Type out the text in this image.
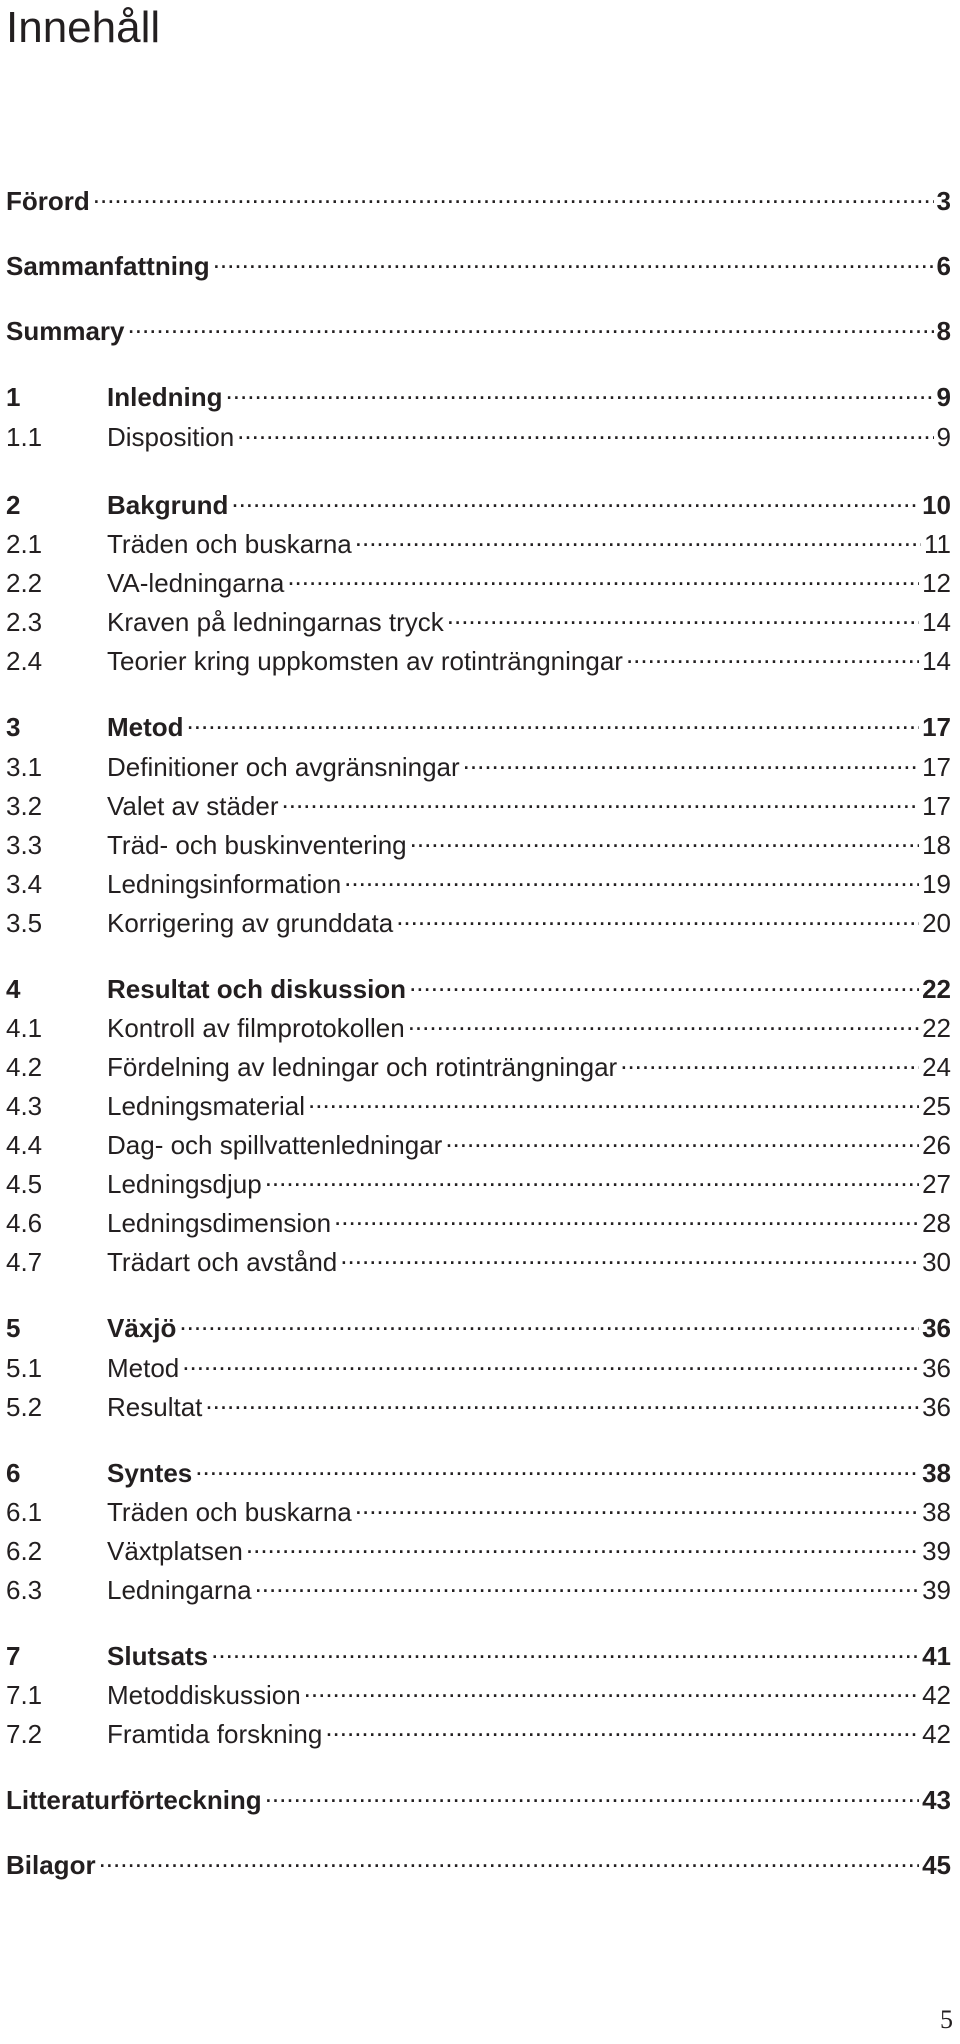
Innehåll
Förord .....	3
Sammanfattning .....	6
Summary .....	8
1	Inledning .....	9
1.1	Disposition .....	9
2	Bakgrund .....	10
2.1	Träden och buskarna .....	11
2.2	VA-ledningarna .....	12
2.3	Kraven på ledningarnas tryck .....	14
2.4	Teorier kring uppkomsten av rotinträngningar .....	14
3	Metod .....	17
3.1	Definitioner och avgränsningar .....	17
3.2	Valet av städer .....	17
3.3	Träd- och buskinventering .....	18
3.4	Ledningsinformation .....	19
3.5	Korrigering av grunddata .....	20
4	Resultat och diskussion .....	22
4.1	Kontroll av filmprotokollen .....	22
4.2	Fördelning av ledningar och rotinträngningar .....	24
4.3	Ledningsmaterial .....	25
4.4	Dag- och spillvattenledningar .....	26
4.5	Ledningsdjup .....	27
4.6	Ledningsdimension .....	28
4.7	Trädart och avstånd .....	30
5	Växjö .....	36
5.1	Metod .....	36
5.2	Resultat .....	36
6	Syntes .....	38
6.1	Träden och buskarna .....	38
6.2	Växtplatsen .....	39
6.3	Ledningarna .....	39
7	Slutsats .....	41
7.1	Metoddiskussion .....	42
7.2	Framtida forskning .....	42
Litteraturförteckning .....	43
Bilagor .....	45
5
